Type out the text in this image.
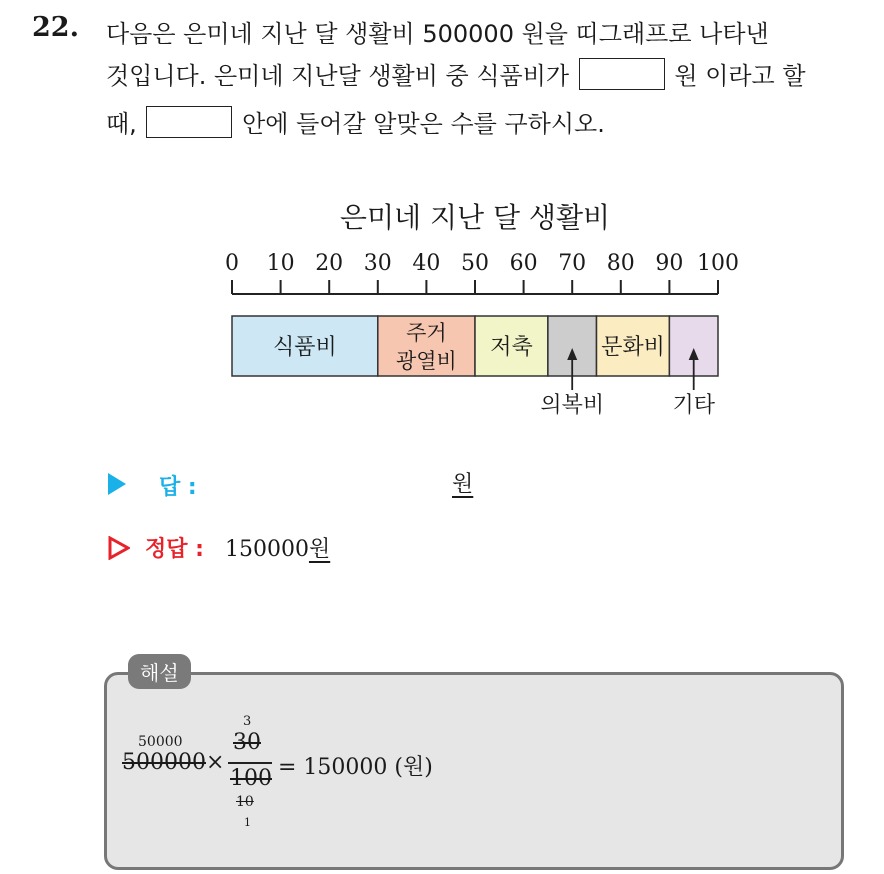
22. 다음은 은미네 지난 달 생활비 500000 원을 띠그래프로 나타낸
것입니다. 은미네 지난달 생활비 중 식품비가	원 이라고 할
때,	안에 들어갈 알맞은 수를 구하시오.
은미네 지난 달 생활비
0 10 20 30 40 50 60 70 80 90 100
식품비
주거
광열비
저축
의복비
문화비
기타
답 :	원
정답 : 150000원
해설
50000
500000 ×
3
30
100
10
1
= 150000 (원)
